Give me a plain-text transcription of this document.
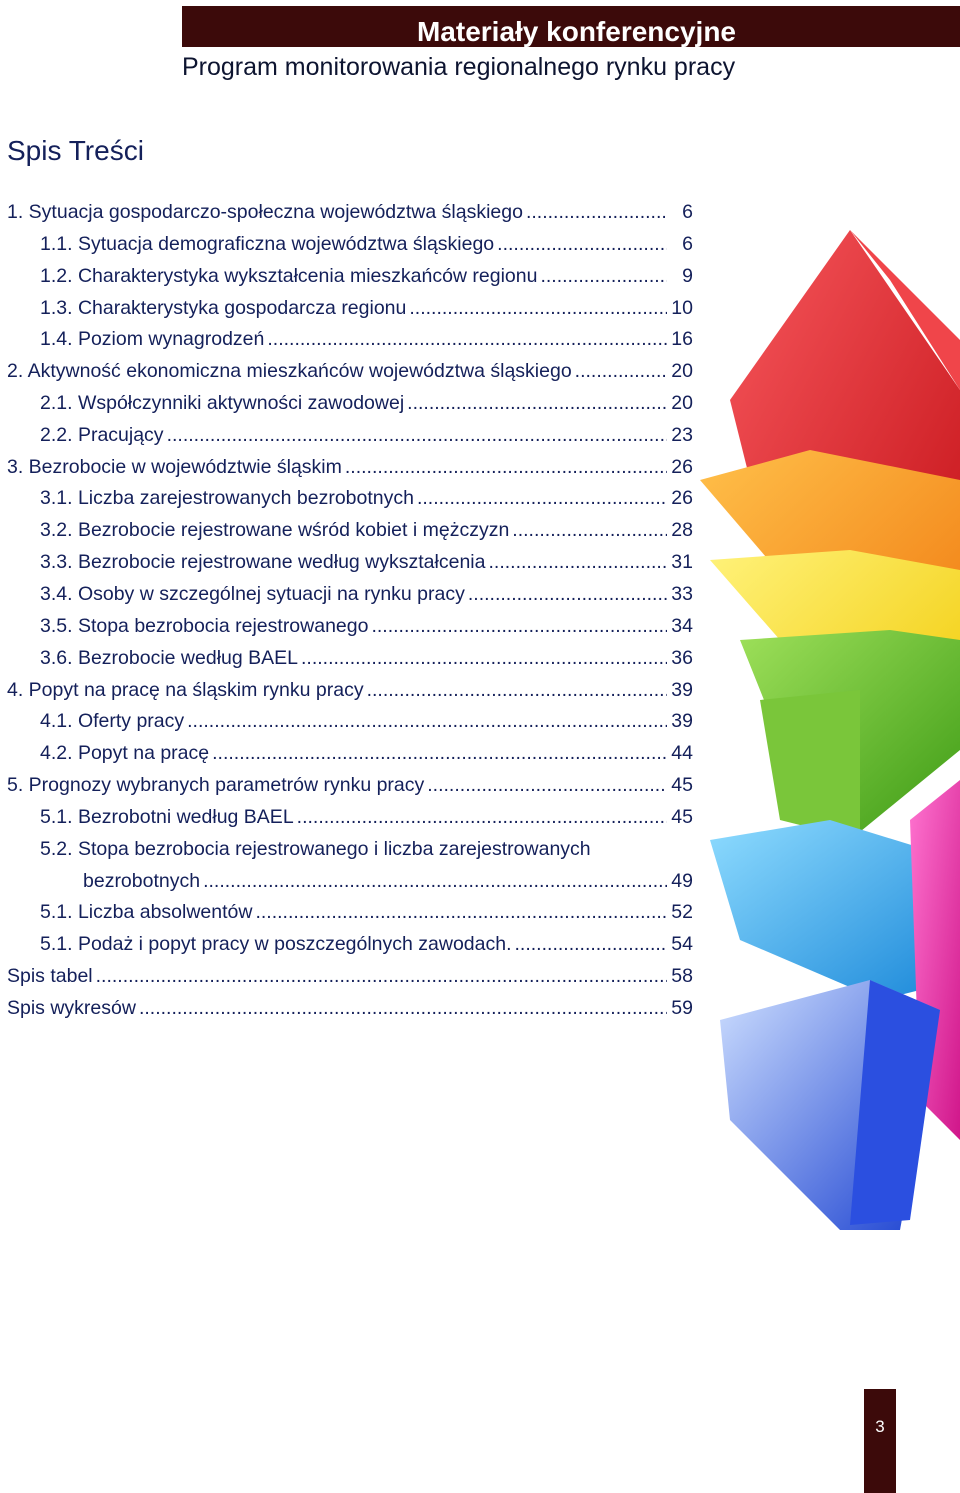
Materiały konferencyjne
Program monitorowania regionalnego rynku pracy
Spis Treści
1. Sytuacja gospodarczo-społeczna województwa śląskiego .....	6
1.1. Sytuacja demograficzna województwa śląskiego .....	6
1.2. Charakterystyka wykształcenia mieszkańców regionu .....	9
1.3. Charakterystyka gospodarcza regionu .....	10
1.4. Poziom wynagrodzeń .....	16
2. Aktywność ekonomiczna mieszkańców województwa śląskiego .....	20
2.1. Współczynniki aktywności zawodowej .....	20
2.2. Pracujący .....	23
3. Bezrobocie w województwie śląskim .....	26
3.1. Liczba zarejestrowanych bezrobotnych .....	26
3.2. Bezrobocie rejestrowane wśród kobiet i mężczyzn .....	28
3.3. Bezrobocie rejestrowane według wykształcenia .....	31
3.4. Osoby w szczególnej sytuacji na rynku pracy .....	33
3.5. Stopa bezrobocia rejestrowanego .....	34
3.6. Bezrobocie według BAEL .....	36
4. Popyt na pracę na śląskim rynku pracy .....	39
4.1. Oferty pracy .....	39
4.2. Popyt na pracę .....	44
5. Prognozy wybranych parametrów rynku pracy .....	45
5.1. Bezrobotni według BAEL .....	45
5.2. Stopa bezrobocia rejestrowanego i liczba zarejestrowanych
bezrobotnych .....	49
5.1. Liczba absolwentów .....	52
5.1. Podaż i popyt pracy w poszczególnych zawodach. .....	54
Spis tabel .....	58
Spis wykresów .....	59
3
